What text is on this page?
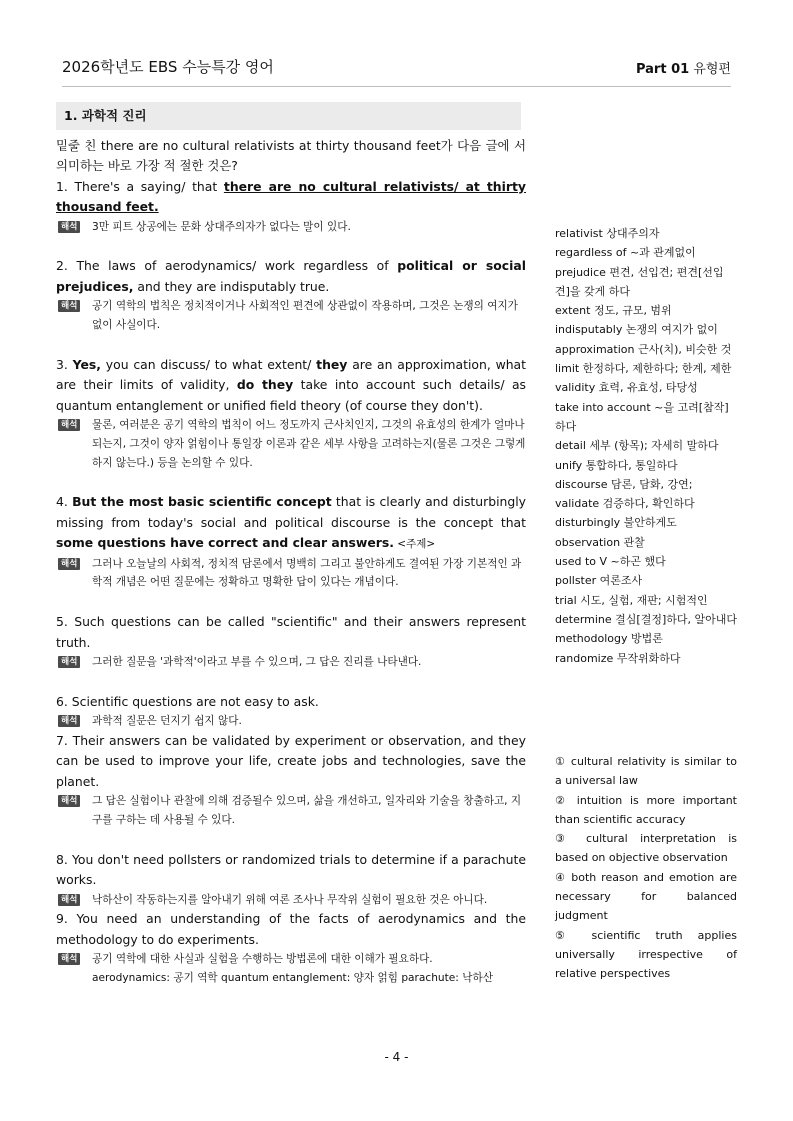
2026학년도 EBS 수능특강 영어	Part 01 유형편
1. 과학적 진리

밑줄 친 there are no cultural relativists at thirty thousand feet가 다음 글에 서 의미하는 바로 가장 적 절한 것은?

1. There's a saying/ that there are no cultural relativists/ at thirty thousand feet.

해석 3만 피트 상공에는 문화 상대주의자가 없다는 말이 있다.

2. The laws of aerodynamics/ work regardless of political or social prejudices, and they are indisputably true.

해석 공기 역학의 법칙은 정치적이거나 사회적인 편견에 상관없이 작용하며, 그것은 논쟁의 여지가 없이 사실이다.

3. Yes, you can discuss/ to what extent/ they are an approximation, what are their limits of validity, do they take into account such details/ as quantum entanglement or unified field theory (of course they don't).

해석 물론, 여러분은 공기 역학의 법칙이 어느 정도까지 근사치인지, 그것의 유효성의 한계가 얼마나 되는지, 그것이 양자 얽힘이나 통일장 이론과 같은 세부 사항을 고려하는지(물론 그것은 그렇게 하지 않는다.) 등을 논의할 수 있다.

4. But the most basic scientific concept that is clearly and disturbingly missing from today's social and political discourse is the concept that some questions have correct and clear answers. <주제>

해석 그러나 오늘날의 사회적, 정치적 담론에서 명백히 그리고 불안하게도 결여된 가장 기본적인 과학적 개념은 어떤 질문에는 정확하고 명확한 답이 있다는 개념이다.

5. Such questions can be called "scientific" and their answers represent truth.

해석 그러한 질문을 '과학적'이라고 부를 수 있으며, 그 답은 진리를 나타낸다.

6. Scientific questions are not easy to ask.

해석 과학적 질문은 던지기 쉽지 않다.

7. Their answers can be validated by experiment or observation, and they can be used to improve your life, create jobs and technologies, save the planet.

해석 그 답은 실험이나 관찰에 의해 검증될수 있으며, 삶을 개선하고, 일자리와 기술을 창출하고, 지구를 구하는 데 사용될 수 있다.

8. You don't need pollsters or randomized trials to determine if a parachute works.

해석 낙하산이 작동하는지를 알아내기 위해 여론 조사나 무작위 실험이 필요한 것은 아니다.

9. You need an understanding of the facts of aerodynamics and the methodology to do experiments.

해석 공기 역학에 대한 사실과 실험을 수행하는 방법론에 대한 이해가 필요하다.

aerodynamics: 공기 역학 quantum entanglement: 양자 얽힘 parachute: 낙하산

relativist 상대주의자
regardless of ~과 관계없이
prejudice 편견, 선입견; 편견[선입견]을 갖게 하다
extent 정도, 규모, 범위
indisputably 논쟁의 여지가 없이
approximation 근사(치), 비슷한 것
limit 한정하다, 제한하다; 한계, 제한
validity 효력, 유효성, 타당성
take into account ~을 고려[참작]하다
detail 세부 (항목); 자세히 말하다
unify 통합하다, 통일하다
discourse 담론, 담화, 강연;
validate 검증하다, 확인하다
disturbingly 불안하게도
observation 관찰
used to V ~하곤 했다
pollster 여론조사
trial 시도, 실험, 재판; 시험적인
determine 결심[결정]하다, 알아내다
methodology 방법론
randomize 무작위화하다
① cultural relativity is similar to a universal law
② intuition is more important than scientific accuracy
③ cultural interpretation is based on objective observation
④ both reason and emotion are necessary for balanced judgment
⑤ scientific truth applies universally irrespective of relative perspectives
- 4 -
